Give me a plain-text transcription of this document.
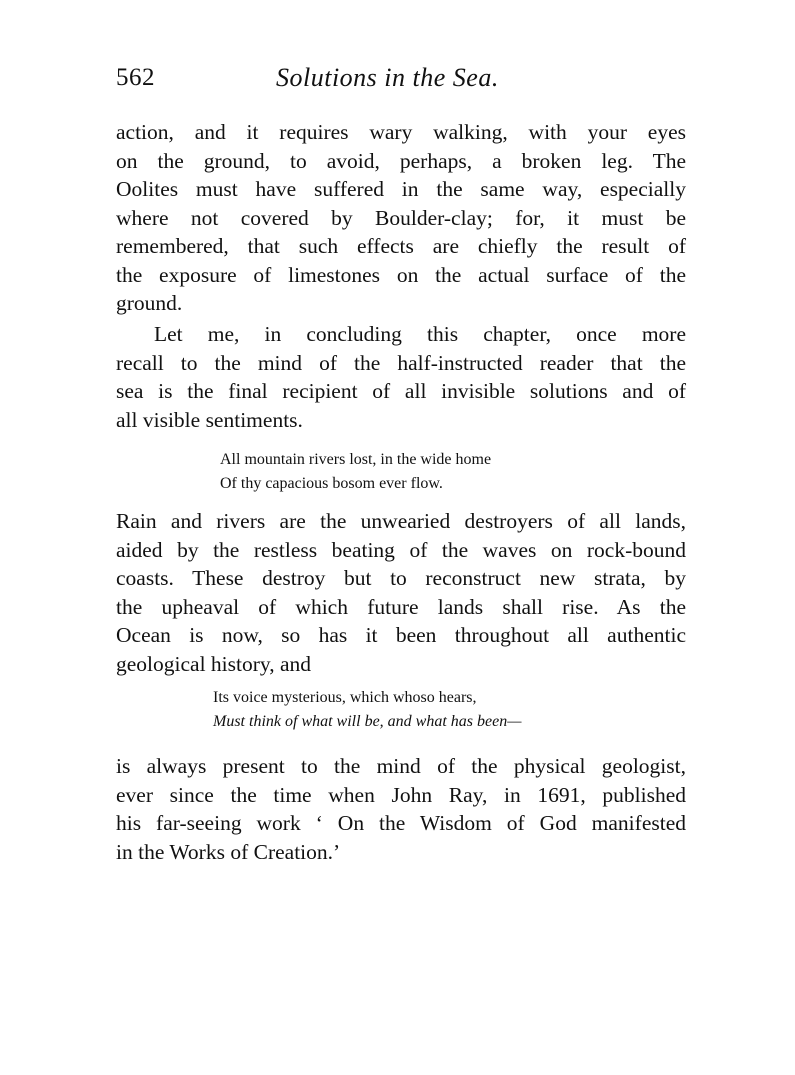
562	Solutions in the Sea.
action, and it requires wary walking, with your eyes
on the ground, to avoid, perhaps, a broken leg. The
Oolites must have suffered in the same way, especially
where not covered by Boulder-clay; for, it must be
remembered, that such effects are chiefly the result of
the exposure of limestones on the actual surface of the
ground.
Let me, in concluding this chapter, once more
recall to the mind of the half-instructed reader that the
sea is the final recipient of all invisible solutions and of
all visible sentiments.
All mountain rivers lost, in the wide home
Of thy capacious bosom ever flow.
Rain and rivers are the unwearied destroyers of all lands,
aided by the restless beating of the waves on rock-bound
coasts. These destroy but to reconstruct new strata, by
the upheaval of which future lands shall rise. As the
Ocean is now, so has it been throughout all authentic
geological history, and
Its voice mysterious, which whoso hears,
Must think of what will be, and what has been—
is always present to the mind of the physical geologist,
ever since the time when John Ray, in 1691, published
his far-seeing work ‘ On the Wisdom of God manifested
in the Works of Creation.’
